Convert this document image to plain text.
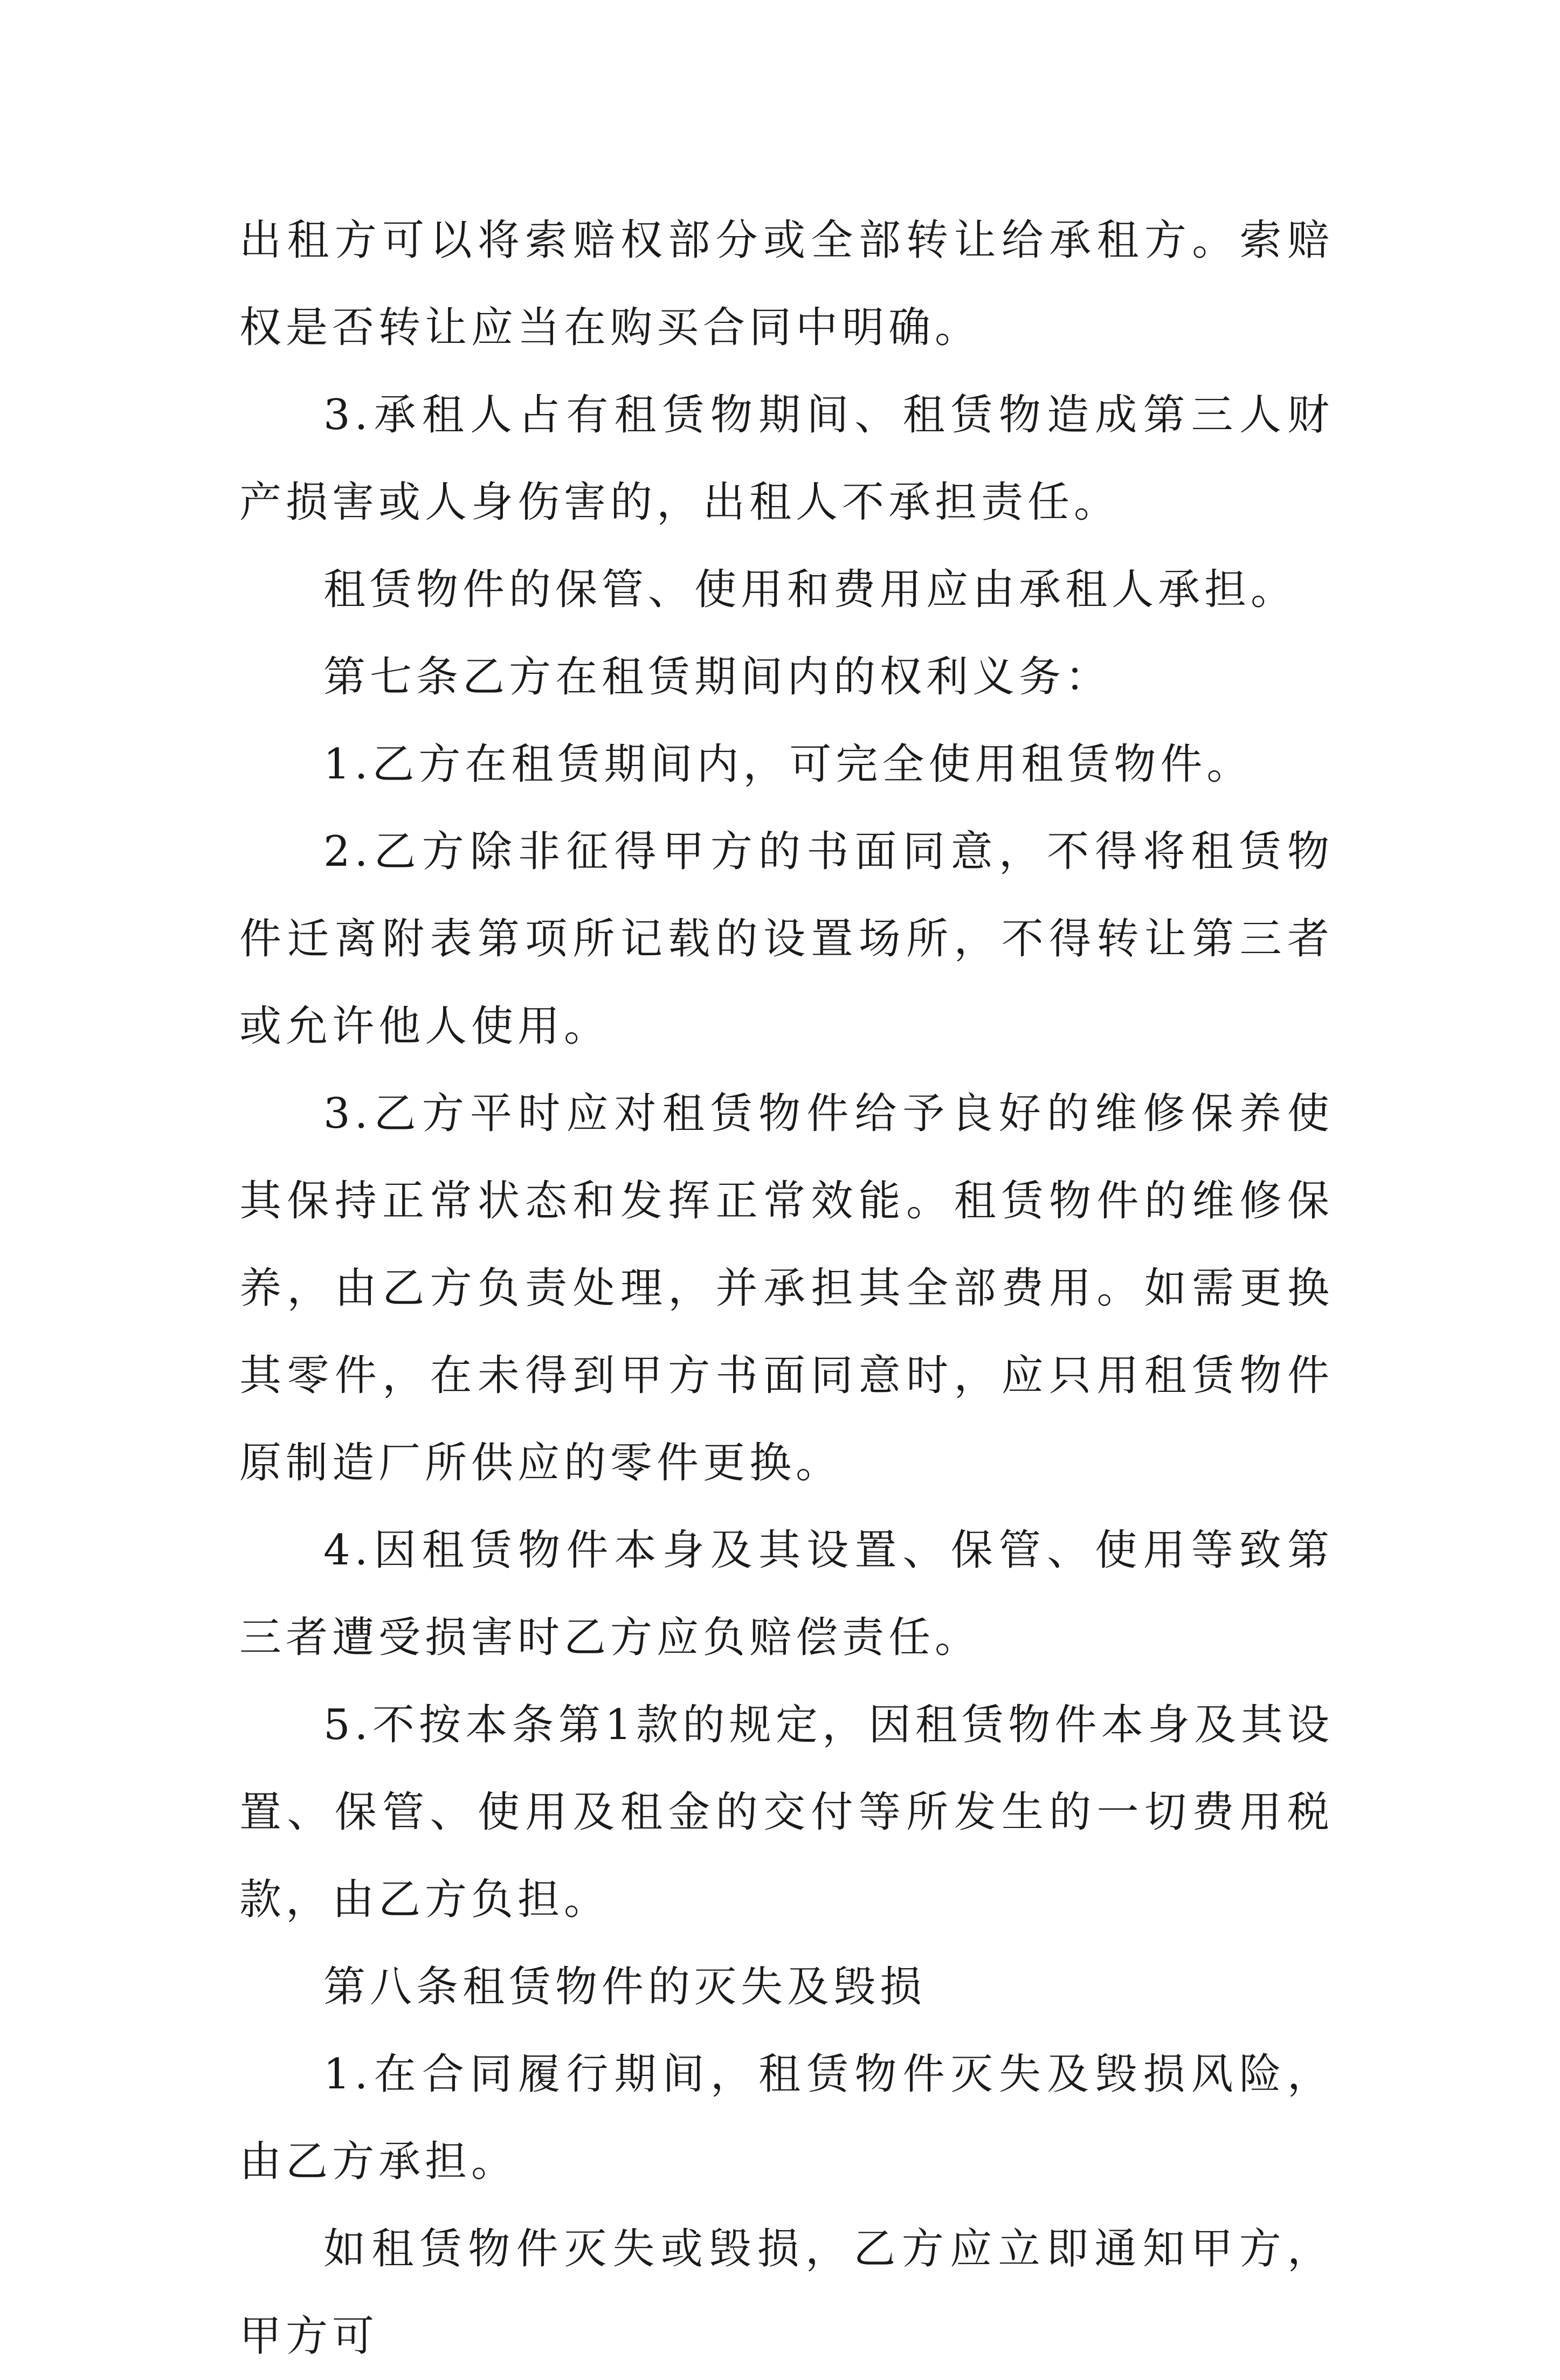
出租方可以将索赔权部分或全部转让给承租方。索赔权是否转让应当在购买合同中明确。

3.承租人占有租赁物期间、租赁物造成第三人财产损害或人身伤害的，出租人不承担责任。

租赁物件的保管、使用和费用应由承租人承担。

第七条乙方在租赁期间内的权利义务：

1.乙方在租赁期间内，可完全使用租赁物件。

2.乙方除非征得甲方的书面同意，不得将租赁物件迁离附表第项所记载的设置场所，不得转让第三者或允许他人使用。

3.乙方平时应对租赁物件给予良好的维修保养使其保持正常状态和发挥正常效能。租赁物件的维修保养，由乙方负责处理，并承担其全部费用。如需更换其零件，在未得到甲方书面同意时，应只用租赁物件原制造厂所供应的零件更换。

4.因租赁物件本身及其设置、保管、使用等致第三者遭受损害时乙方应负赔偿责任。

5.不按本条第1款的规定，因租赁物件本身及其设置、保管、使用及租金的交付等所发生的一切费用税款，由乙方负担。

第八条租赁物件的灭失及毁损

1.在合同履行期间，租赁物件灭失及毁损风险，由乙方承担。

如租赁物件灭失或毁损，乙方应立即通知甲方，甲方可
